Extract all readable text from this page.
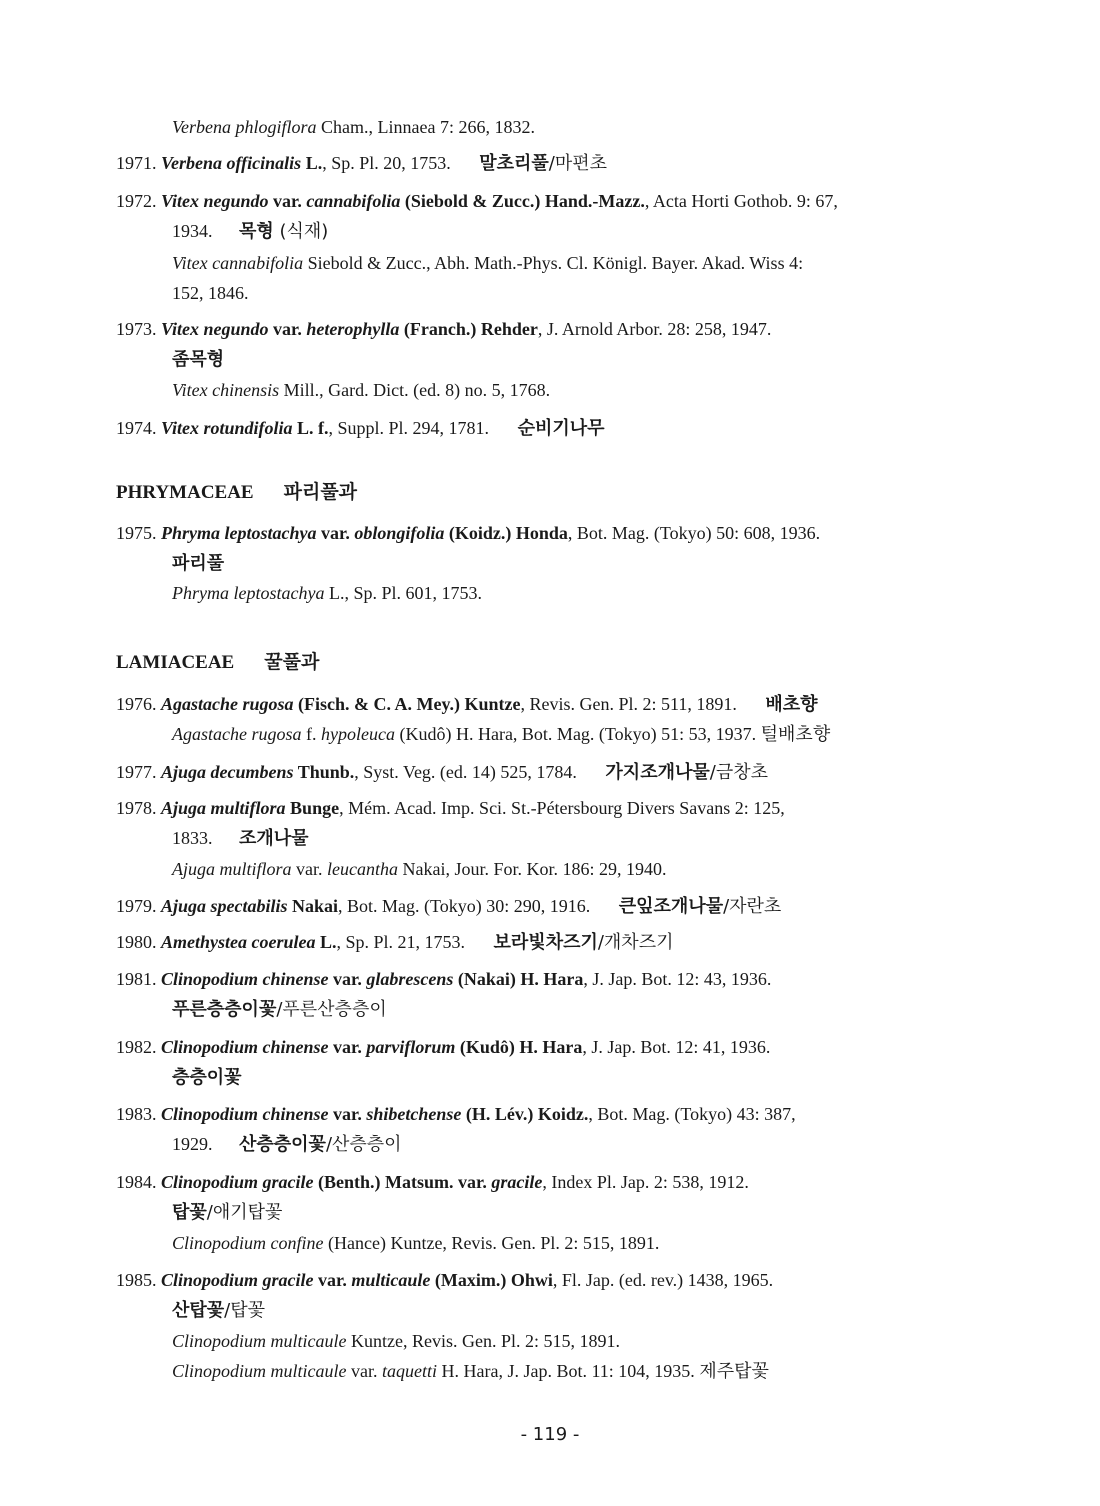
Verbena phlogiflora Cham., Linnaea 7: 266, 1832.
1971. Verbena officinalis L., Sp. Pl. 20, 1753. 말초리풀/마편초
1972. Vitex negundo var. cannabifolia (Siebold & Zucc.) Hand.-Mazz., Acta Horti Gothob. 9: 67,
1934. 목형 (식재)
Vitex cannabifolia Siebold & Zucc., Abh. Math.-Phys. Cl. Königl. Bayer. Akad. Wiss 4:
152, 1846.
1973. Vitex negundo var. heterophylla (Franch.) Rehder, J. Arnold Arbor. 28: 258, 1947.
좀목형
Vitex chinensis Mill., Gard. Dict. (ed. 8) no. 5, 1768.
1974. Vitex rotundifolia L. f., Suppl. Pl. 294, 1781. 순비기나무
PHRYMACEAE 파리풀과
1975. Phryma leptostachya var. oblongifolia (Koidz.) Honda, Bot. Mag. (Tokyo) 50: 608, 1936.
파리풀
Phryma leptostachya L., Sp. Pl. 601, 1753.
LAMIACEAE 꿀풀과
1976. Agastache rugosa (Fisch. & C. A. Mey.) Kuntze, Revis. Gen. Pl. 2: 511, 1891. 배초향
Agastache rugosa f. hypoleuca (Kudô) H. Hara, Bot. Mag. (Tokyo) 51: 53, 1937. 털배초향
1977. Ajuga decumbens Thunb., Syst. Veg. (ed. 14) 525, 1784. 가지조개나물/금창초
1978. Ajuga multiflora Bunge, Mém. Acad. Imp. Sci. St.-Pétersbourg Divers Savans 2: 125,
1833. 조개나물
Ajuga multiflora var. leucantha Nakai, Jour. For. Kor. 186: 29, 1940.
1979. Ajuga spectabilis Nakai, Bot. Mag. (Tokyo) 30: 290, 1916. 큰잎조개나물/자란초
1980. Amethystea coerulea L., Sp. Pl. 21, 1753. 보라빛차즈기/개차즈기
1981. Clinopodium chinense var. glabrescens (Nakai) H. Hara, J. Jap. Bot. 12: 43, 1936.
푸른층층이꽃/푸른산층층이
1982. Clinopodium chinense var. parviflorum (Kudô) H. Hara, J. Jap. Bot. 12: 41, 1936.
층층이꽃
1983. Clinopodium chinense var. shibetchense (H. Lév.) Koidz., Bot. Mag. (Tokyo) 43: 387,
1929. 산층층이꽃/산층층이
1984. Clinopodium gracile (Benth.) Matsum. var. gracile, Index Pl. Jap. 2: 538, 1912.
탑꽃/애기탑꽃
Clinopodium confine (Hance) Kuntze, Revis. Gen. Pl. 2: 515, 1891.
1985. Clinopodium gracile var. multicaule (Maxim.) Ohwi, Fl. Jap. (ed. rev.) 1438, 1965.
산탑꽃/탑꽃
Clinopodium multicaule Kuntze, Revis. Gen. Pl. 2: 515, 1891.
Clinopodium multicaule var. taquetti H. Hara, J. Jap. Bot. 11: 104, 1935. 제주탑꽃
- 119 -
